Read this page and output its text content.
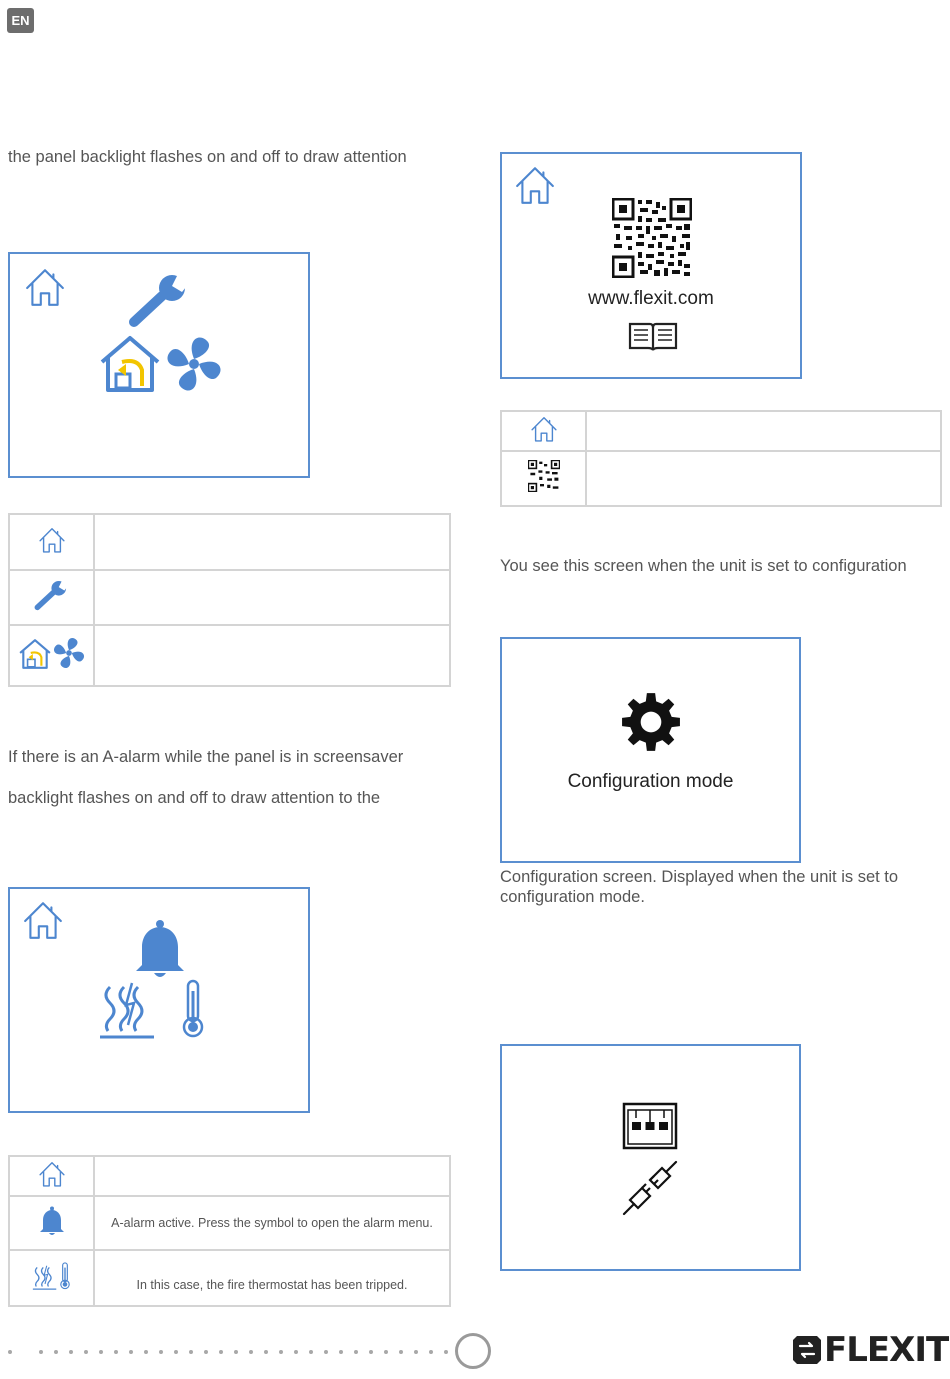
EN
the panel backlight flashes on and off to draw attention

If there is an A-alarm while the panel is in screensaver
backlight flashes on and off to draw attention to the

	A-alarm active. Press the symbol to open the alarm menu.
	In this case, the fire thermostat has been tripped.
www.flexit.com

You see this screen when the unit is set to configuration
Configuration mode
Configuration screen. Displayed when the unit is set to configuration mode.
FLEXIT
